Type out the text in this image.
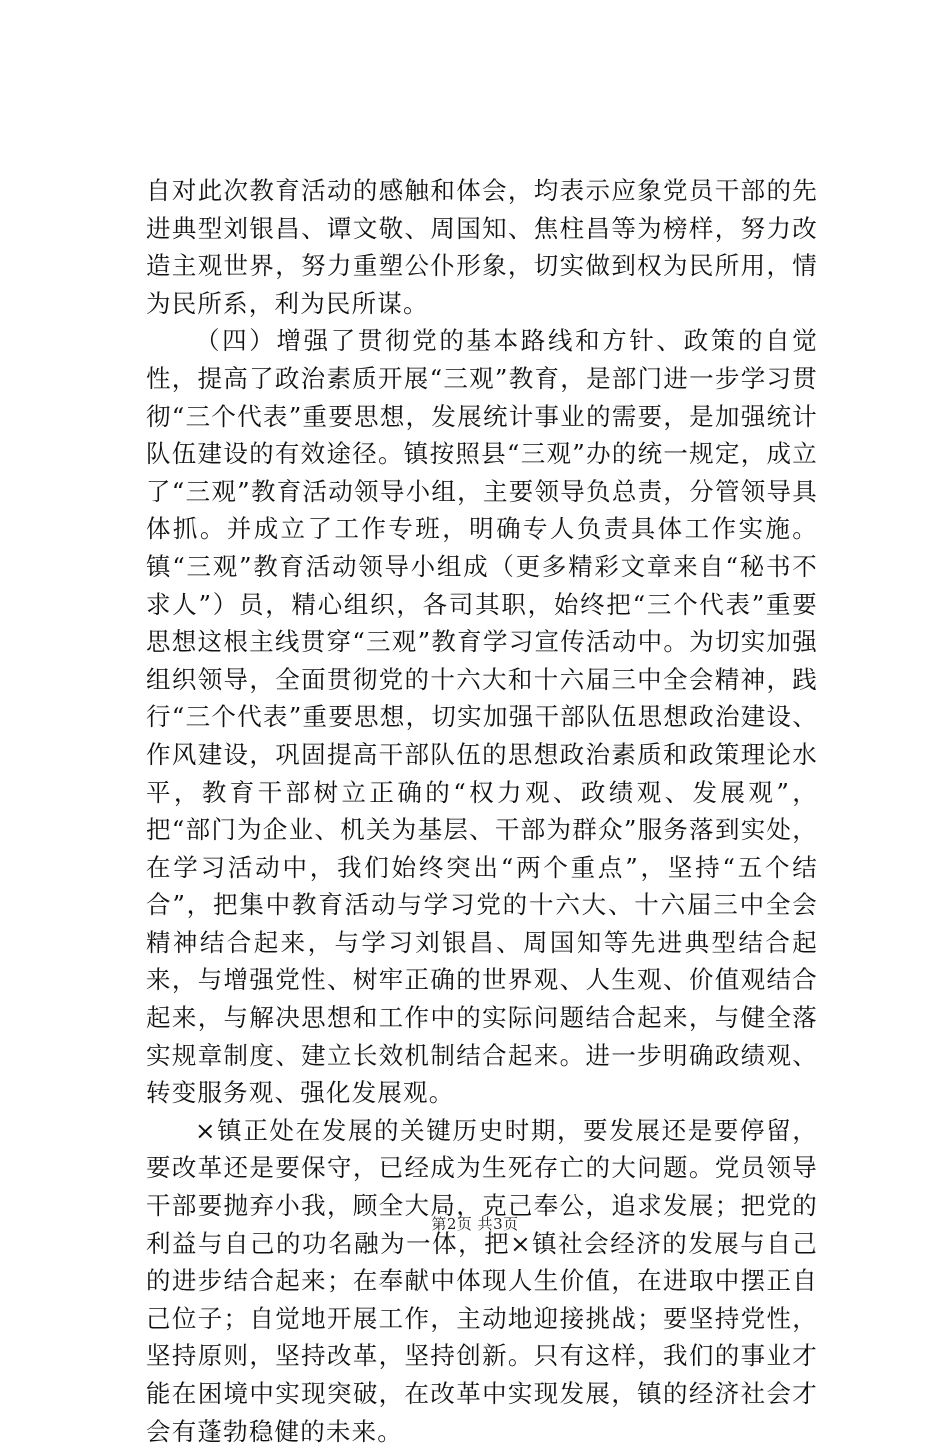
自对此次教育活动的感触和体会，均表示应象党员干部的先进典型刘银昌、谭文敬、周国知、焦柱昌等为榜样，努力改造主观世界，努力重塑公仆形象，切实做到权为民所用，情为民所系，利为民所谋。

（四）增强了贯彻党的基本路线和方针、政策的自觉性，提高了政治素质开展“三观”教育，是部门进一步学习贯彻“三个代表”重要思想，发展统计事业的需要，是加强统计队伍建设的有效途径。镇按照县“三观”办的统一规定，成立了“三观”教育活动领导小组，主要领导负总责，分管领导具体抓。并成立了工作专班，明确专人负责具体工作实施。镇“三观”教育活动领导小组成（更多精彩文章来自“秘书不求人”）员，精心组织，各司其职，始终把“三个代表”重要思想这根主线贯穿“三观”教育学习宣传活动中。为切实加强组织领导，全面贯彻党的十六大和十六届三中全会精神，践行“三个代表”重要思想，切实加强干部队伍思想政治建设、作风建设，巩固提高干部队伍的思想政治素质和政策理论水平，教育干部树立正确的“权力观、政绩观、发展观”，把“部门为企业、机关为基层、干部为群众”服务落到实处，在学习活动中，我们始终突出“两个重点”，坚持“五个结合”，把集中教育活动与学习党的十六大、十六届三中全会精神结合起来，与学习刘银昌、周国知等先进典型结合起来，与增强党性、树牢正确的世界观、人生观、价值观结合起来，与解决思想和工作中的实际问题结合起来，与健全落实规章制度、建立长效机制结合起来。进一步明确政绩观、转变服务观、强化发展观。

×镇正处在发展的关键历史时期，要发展还是要停留，要改革还是要保守，已经成为生死存亡的大问题。党员领导干部要抛弃小我，顾全大局，克己奉公，追求发展；把党的利益与自己的功名融为一体，把×镇社会经济的发展与自己的进步结合起来；在奉献中体现人生价值，在进取中摆正自己位子；自觉地开展工作，主动地迎接挑战；要坚持党性，坚持原则，坚持改革，坚持创新。只有这样，我们的事业才能在困境中实现突破，在改革中实现发展，镇的经济社会才会有蓬勃稳健的未来。

第2页 共3页
